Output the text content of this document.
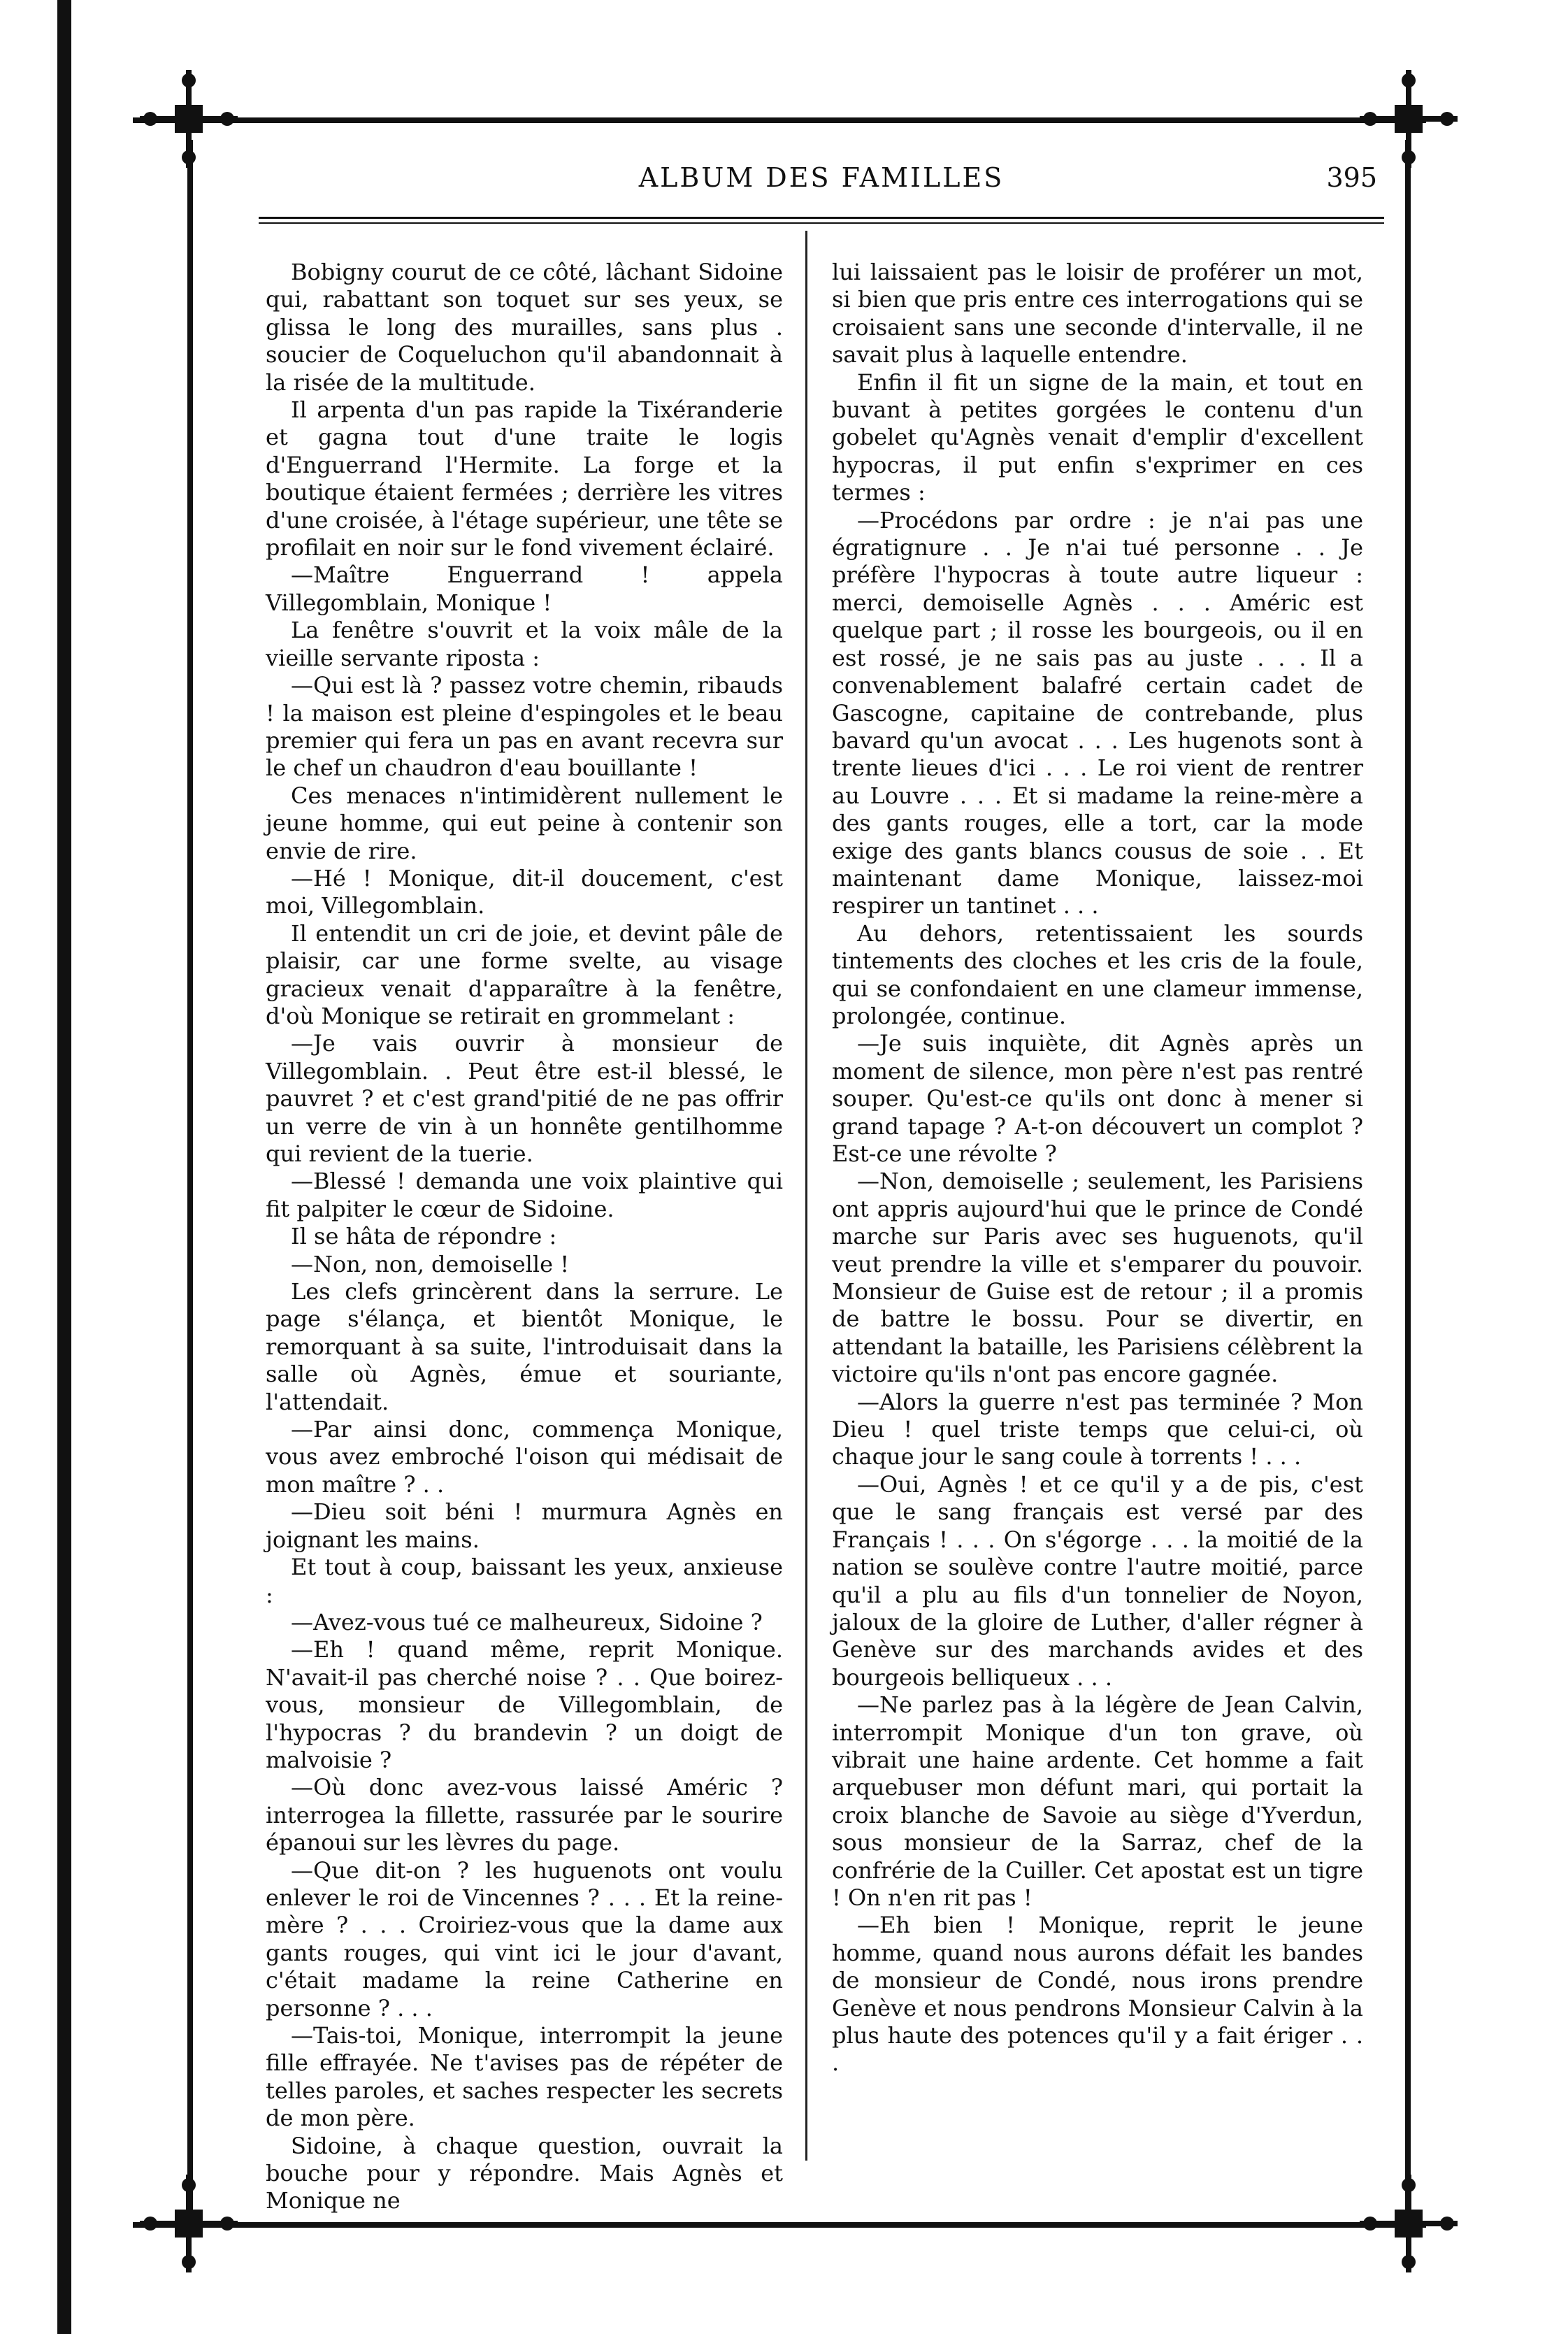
ALBUM DES FAMILLES	395

Bobigny courut de ce côté, lâchant Sidoine qui, rabattant son toquet sur ses yeux, se glissa le long des murailles, sans plus . soucier de Coqueluchon qu'il abandonnait à la risée de la multitude.

Il arpenta d'un pas rapide la Tixéranderie et gagna tout d'une traite le logis d'Enguerrand l'Hermite. La forge et la boutique étaient fermées ; derrière les vitres d'une croisée, à l'étage supérieur, une tête se profilait en noir sur le fond vivement éclairé.

—Maître Enguerrand ! appela Villegomblain, Monique !

La fenêtre s'ouvrit et la voix mâle de la vieille servante riposta :

—Qui est là ? passez votre chemin, ribauds ! la maison est pleine d'espingoles et le beau premier qui fera un pas en avant recevra sur le chef un chaudron d'eau bouillante !

Ces menaces n'intimidèrent nullement le jeune homme, qui eut peine à contenir son envie de rire.

—Hé ! Monique, dit-il doucement, c'est moi, Villegomblain.

Il entendit un cri de joie, et devint pâle de plaisir, car une forme svelte, au visage gracieux venait d'apparaître à la fenêtre, d'où Monique se retirait en grommelant :

—Je vais ouvrir à monsieur de Villegomblain. . Peut être est-il blessé, le pauvret ? et c'est grand'pitié de ne pas offrir un verre de vin à un honnête gentilhomme qui revient de la tuerie.

—Blessé ! demanda une voix plaintive qui fit palpiter le cœur de Sidoine.

Il se hâta de répondre :

—Non, non, demoiselle !

Les clefs grincèrent dans la serrure. Le page s'élança, et bientôt Monique, le remorquant à sa suite, l'introduisait dans la salle où Agnès, émue et souriante, l'attendait.

—Par ainsi donc, commença Monique, vous avez embroché l'oison qui médisait de mon maître ? . .

—Dieu soit béni ! murmura Agnès en joignant les mains.

Et tout à coup, baissant les yeux, anxieuse :

—Avez-vous tué ce malheureux, Sidoine ?

—Eh ! quand même, reprit Monique. N'avait-il pas cherché noise ? . . Que boirez-vous, monsieur de Villegomblain, de l'hypocras ? du brandevin ? un doigt de malvoisie ?

—Où donc avez-vous laissé Améric ? interrogea la fillette, rassurée par le sourire épanoui sur les lèvres du page.

—Que dit-on ? les huguenots ont voulu enlever le roi de Vincennes ? . . . Et la reine-mère ? . . . Croiriez-vous que la dame aux gants rouges, qui vint ici le jour d'avant, c'était madame la reine Catherine en personne ? . . .

—Tais-toi, Monique, interrompit la jeune fille effrayée. Ne t'avises pas de répéter de telles paroles, et saches respecter les secrets de mon père.

Sidoine, à chaque question, ouvrait la bouche pour y répondre. Mais Agnès et Monique ne

lui laissaient pas le loisir de proférer un mot, si bien que pris entre ces interrogations qui se croisaient sans une seconde d'intervalle, il ne savait plus à laquelle entendre.

Enfin il fit un signe de la main, et tout en buvant à petites gorgées le contenu d'un gobelet qu'Agnès venait d'emplir d'excellent hypocras, il put enfin s'exprimer en ces termes :

—Procédons par ordre : je n'ai pas une égratignure . . Je n'ai tué personne . . Je préfère l'hypocras à toute autre liqueur : merci, demoiselle Agnès . . . Améric est quelque part ; il rosse les bourgeois, ou il en est rossé, je ne sais pas au juste . . . Il a convenablement balafré certain cadet de Gascogne, capitaine de contrebande, plus bavard qu'un avocat . . . Les hugenots sont à trente lieues d'ici . . . Le roi vient de rentrer au Louvre . . . Et si madame la reine-mère a des gants rouges, elle a tort, car la mode exige des gants blancs cousus de soie . . Et maintenant dame Monique, laissez-moi respirer un tantinet . . .

Au dehors, retentissaient les sourds tintements des cloches et les cris de la foule, qui se confondaient en une clameur immense, prolongée, continue.

—Je suis inquiète, dit Agnès après un moment de silence, mon père n'est pas rentré souper. Qu'est-ce qu'ils ont donc à mener si grand tapage ? A-t-on découvert un complot ? Est-ce une révolte ?

—Non, demoiselle ; seulement, les Parisiens ont appris aujourd'hui que le prince de Condé marche sur Paris avec ses huguenots, qu'il veut prendre la ville et s'emparer du pouvoir. Monsieur de Guise est de retour ; il a promis de battre le bossu. Pour se divertir, en attendant la bataille, les Parisiens célèbrent la victoire qu'ils n'ont pas encore gagnée.

—Alors la guerre n'est pas terminée ? Mon Dieu ! quel triste temps que celui-ci, où chaque jour le sang coule à torrents ! . . .

—Oui, Agnès ! et ce qu'il y a de pis, c'est que le sang français est versé par des Français ! . . . On s'égorge . . . la moitié de la nation se soulève contre l'autre moitié, parce qu'il a plu au fils d'un tonnelier de Noyon, jaloux de la gloire de Luther, d'aller régner à Genève sur des marchands avides et des bourgeois belliqueux . . .

—Ne parlez pas à la légère de Jean Calvin, interrompit Monique d'un ton grave, où vibrait une haine ardente. Cet homme a fait arquebuser mon défunt mari, qui portait la croix blanche de Savoie au siège d'Yverdun, sous monsieur de la Sarraz, chef de la confrérie de la Cuiller. Cet apostat est un tigre ! On n'en rit pas !

—Eh bien ! Monique, reprit le jeune homme, quand nous aurons défait les bandes de monsieur de Condé, nous irons prendre Genève et nous pendrons Monsieur Calvin à la plus haute des potences qu'il y a fait ériger . . .
